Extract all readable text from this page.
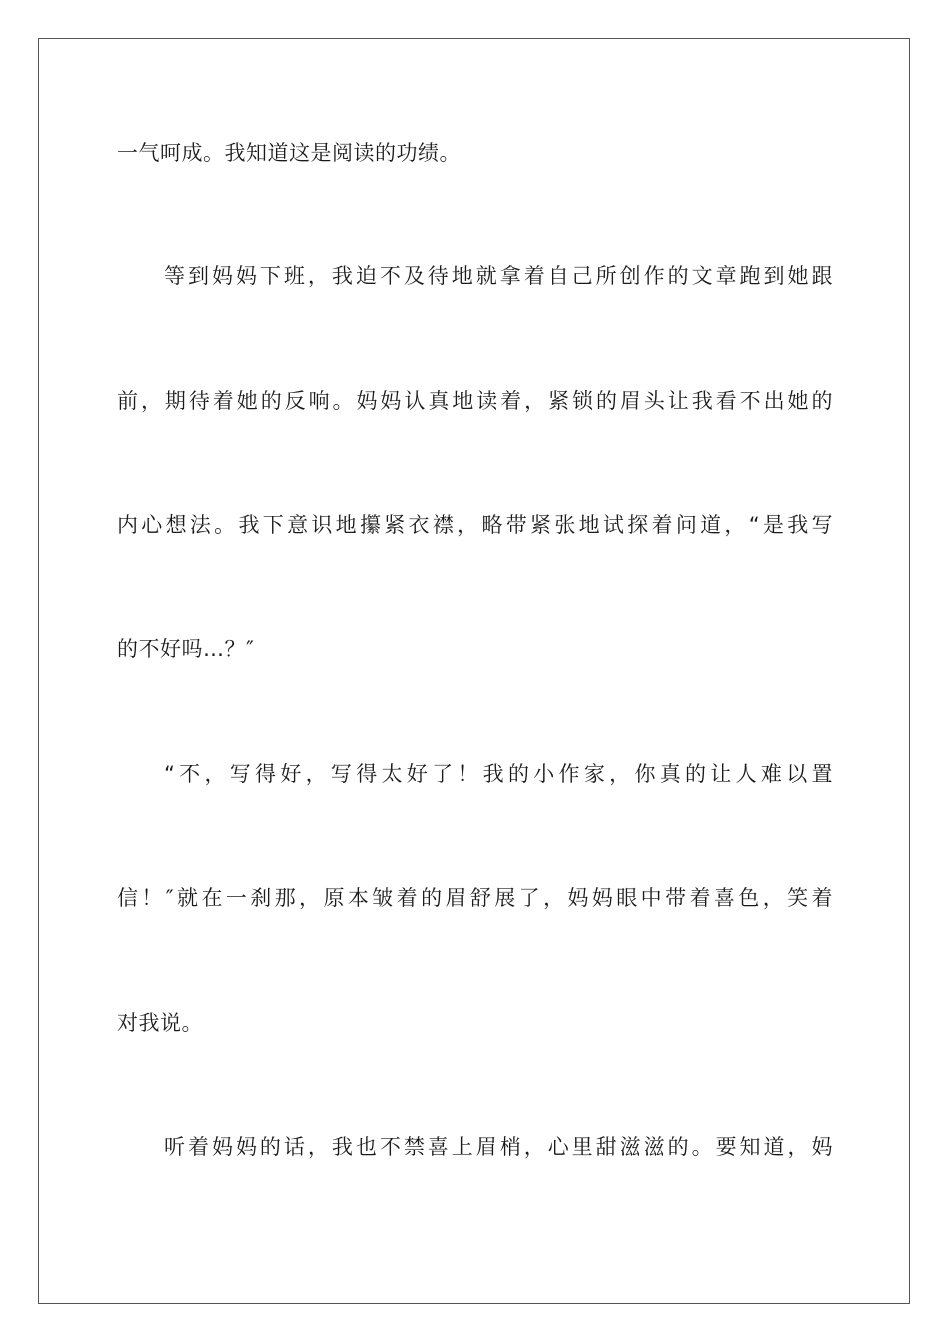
一气呵成。我知道这是阅读的功绩。
等到妈妈下班，我迫不及待地就拿着自己所创作的文章跑到她跟
前，期待着她的反响。妈妈认真地读着，紧锁的眉头让我看不出她的
内心想法。我下意识地攥紧衣襟，略带紧张地试探着问道，“是我写
的不好吗…？″
“不，写得好，写得太好了！我的小作家，你真的让人难以置
信！″就在一刹那，原本皱着的眉舒展了，妈妈眼中带着喜色，笑着
对我说。
听着妈妈的话，我也不禁喜上眉梢，心里甜滋滋的。要知道，妈
